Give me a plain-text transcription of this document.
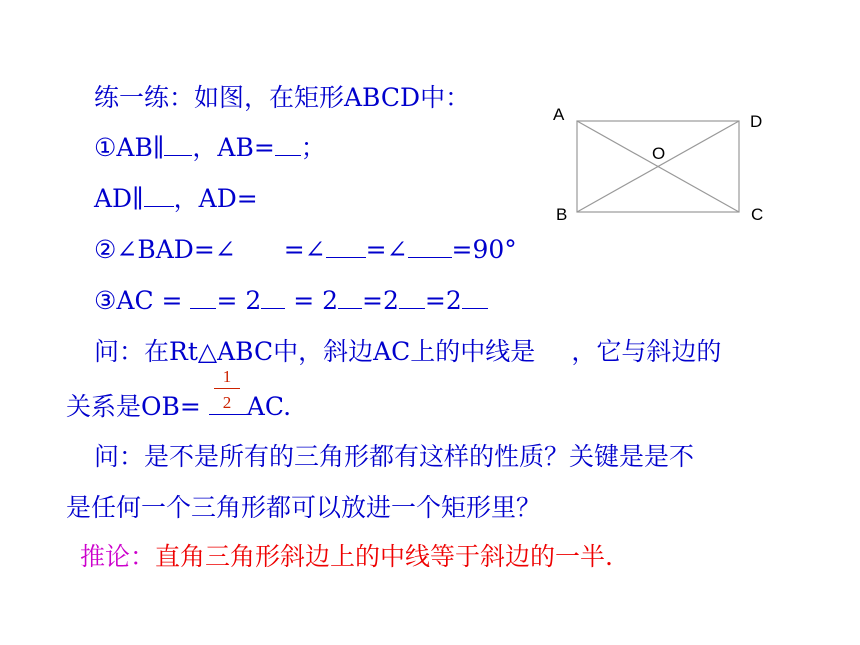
练一练：如图，在矩形ABCD中：
①AB∥ ，AB= ；
AD∥ ，AD=
②∠BAD=∠ =∠ =∠ =90°
③AC = = 2 = 2 =2 =2
问：在Rt△ABC中，斜边AC上的中线是 ，它与斜边的
1
2
关系是OB= AC.
问：是不是所有的三角形都有这样的性质？关键是是不
是任何一个三角形都可以放进一个矩形里？
推论：直角三角形斜边上的中线等于斜边的一半.
A	D
O
B	C
